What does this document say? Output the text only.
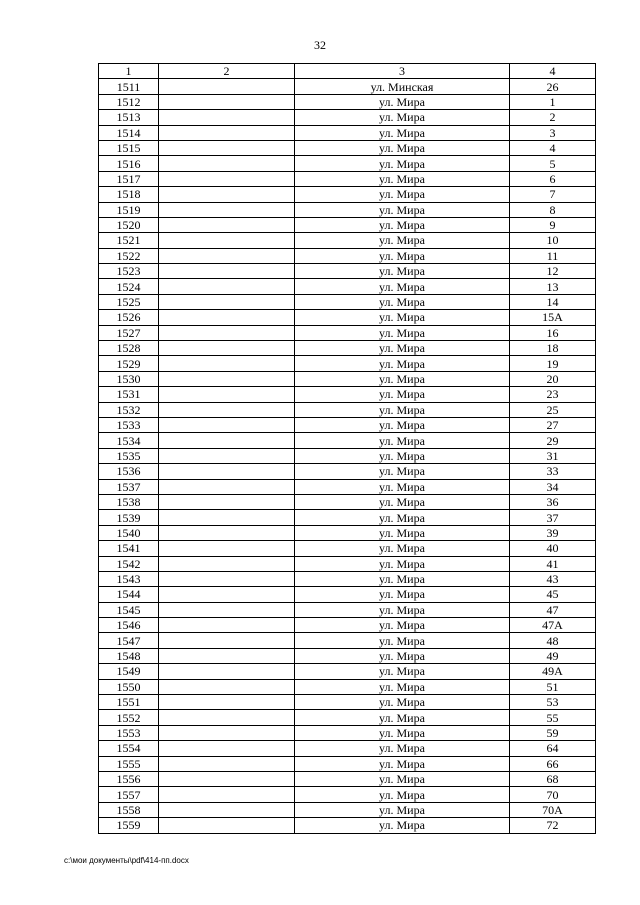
32
1	2	3	4
1511		ул. Минская	26
1512		ул. Мира	1
1513		ул. Мира	2
1514		ул. Мира	3
1515		ул. Мира	4
1516		ул. Мира	5
1517		ул. Мира	6
1518		ул. Мира	7
1519		ул. Мира	8
1520		ул. Мира	9
1521		ул. Мира	10
1522		ул. Мира	11
1523		ул. Мира	12
1524		ул. Мира	13
1525		ул. Мира	14
1526		ул. Мира	15А
1527		ул. Мира	16
1528		ул. Мира	18
1529		ул. Мира	19
1530		ул. Мира	20
1531		ул. Мира	23
1532		ул. Мира	25
1533		ул. Мира	27
1534		ул. Мира	29
1535		ул. Мира	31
1536		ул. Мира	33
1537		ул. Мира	34
1538		ул. Мира	36
1539		ул. Мира	37
1540		ул. Мира	39
1541		ул. Мира	40
1542		ул. Мира	41
1543		ул. Мира	43
1544		ул. Мира	45
1545		ул. Мира	47
1546		ул. Мира	47А
1547		ул. Мира	48
1548		ул. Мира	49
1549		ул. Мира	49А
1550		ул. Мира	51
1551		ул. Мира	53
1552		ул. Мира	55
1553		ул. Мира	59
1554		ул. Мира	64
1555		ул. Мира	66
1556		ул. Мира	68
1557		ул. Мира	70
1558		ул. Мира	70А
1559		ул. Мира	72
c:\мои документы\pdf\414-пп.docx
